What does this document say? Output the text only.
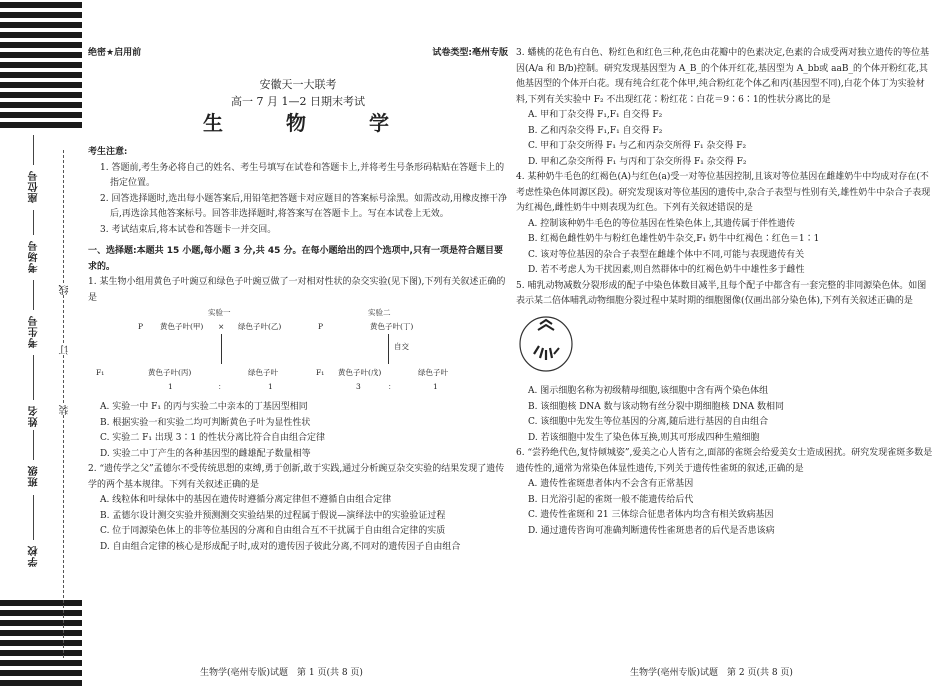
座位号
考场号
考生号
姓名
班级
学校
线
订
装
绝密★启用前	试卷类型:亳州专版
安徽天一大联考
高一 7 月 1—2 日期末考试
生 物 学
考生注意:
1. 答题前,考生务必将自己的姓名、考生号填写在试卷和答题卡上,并将考生号条形码粘贴在答题卡上的指定位置。
2. 回答选择题时,选出每小题答案后,用铅笔把答题卡对应题目的答案标号涂黑。如需改动,用橡皮擦干净后,再选涂其他答案标号。回答非选择题时,将答案写在答题卡上。写在本试卷上无效。
3. 考试结束后,将本试卷和答题卡一并交回。
一、选择题:本题共 15 小题,每小题 3 分,共 45 分。在每小题给出的四个选项中,只有一项是符合题目要求的。
1. 某生物小组用黄色子叶豌豆和绿色子叶豌豆做了一对相对性状的杂交实验(见下图),下列有关叙述正确的是
实验一	实验二
P 黄色子叶(甲) × 绿色子叶(乙)	P	黄色子叶(丁)
自交
F₁	黄色子叶(丙)	绿色子叶	F₁ 黄色子叶(戊)	绿色子叶
1	：	1	3	：	1
A. 实验一中 F₁ 的丙与实验二中亲本的丁基因型相同
B. 根据实验一和实验二均可判断黄色子叶为显性性状
C. 实验二 F₁ 出现 3∶1 的性状分离比符合自由组合定律
D. 实验二中丁产生的各种基因型的雌雄配子数量相等
2. “遗传学之父”孟德尔不受传统思想的束缚,勇于创新,敢于实践,通过分析豌豆杂交实验的结果发现了遗传学的两个基本规律。下列有关叙述正确的是
A. 线粒体和叶绿体中的基因在遗传时遵循分离定律但不遵循自由组合定律
B. 孟德尔设计测交实验并预测测交实验结果的过程属于假说—演绎法中的实验验证过程
C. 位于同源染色体上的非等位基因的分离和自由组合互不干扰属于自由组合定律的实质
D. 自由组合定律的核心是形成配子时,成对的遗传因子彼此分离,不同对的遗传因子自由组合
3. 蟠桃的花色有白色、粉红色和红色三种,花色由花瓣中的色素决定,色素的合成受两对独立遗传的等位基因(A/a 和 B/b)控制。研究发现基因型为 A_B_的个体开红花,基因型为 A_bb或 aaB_的个体开粉红花,其他基因型的个体开白花。现有纯合红花个体甲,纯合粉红花个体乙和丙(基因型不同),白花个体丁为实验材料,下列有关实验中 F₂ 不出现红花∶粉红花∶白花＝9∶6∶1的性状分离比的是
A. 甲和丁杂交得 F₁,F₁ 自交得 F₂
B. 乙和丙杂交得 F₁,F₁ 自交得 F₂
C. 甲和丁杂交所得 F₁ 与乙和丙杂交所得 F₁ 杂交得 F₂
D. 甲和乙杂交所得 F₁ 与丙和丁杂交所得 F₁ 杂交得 F₂
4. 某种奶牛毛色的红褐色(A)与红色(a)受一对等位基因控制,且该对等位基因在雌雄奶牛中均成对存在(不考虑性染色体同源区段)。研究发现该对等位基因的遗传中,杂合子表型与性别有关,雄性奶牛中杂合子表现为红褐色,雌性奶牛中则表现为红色。下列有关叙述错误的是
A. 控制该种奶牛毛色的等位基因在性染色体上,其遗传属于伴性遗传
B. 红褐色雌性奶牛与粉红色雄性奶牛杂交,F₁ 奶牛中红褐色∶红色＝1∶1
C. 该对等位基因的杂合子表型在雌雄个体中不同,可能与表现遗传有关
D. 若不考虑人为干扰因素,则自然群体中的红褐色奶牛中雄性多于雌性
5. 哺乳动物减数分裂形成的配子中染色体数目减半,且每个配子中都含有一套完整的非同源染色体。如图表示某二倍体哺乳动物细胞分裂过程中某时期的细胞图像(仅画出部分染色体),下列有关叙述正确的是
A. 图示细胞名称为初级精母细胞,该细胞中含有两个染色体组
B. 该细胞核 DNA 数与该动物有丝分裂中期细胞核 DNA 数相同
C. 该细胞中先发生等位基因的分离,随后进行基因的自由组合
D. 若该细胞中发生了染色体互换,则其可形成四种生殖细胞
6. “尝矜绝代色,复恃倾城姿”,爱美之心人皆有之,面部的雀斑会给爱美女士造成困扰。研究发现雀斑多数是遗传性的,通常为常染色体显性遗传,下列关于遗传性雀斑的叙述,正确的是
A. 遗传性雀斑患者体内不会含有正常基因
B. 日光浴引起的雀斑一般不能遗传给后代
C. 遗传性雀斑和 21 三体综合征患者体内均含有相关致病基因
D. 通过遗传咨询可准确判断遗传性雀斑患者的后代是否患该病
生物学(亳州专版)试题　第 1 页(共 8 页)	生物学(亳州专版)试题　第 2 页(共 8 页)
